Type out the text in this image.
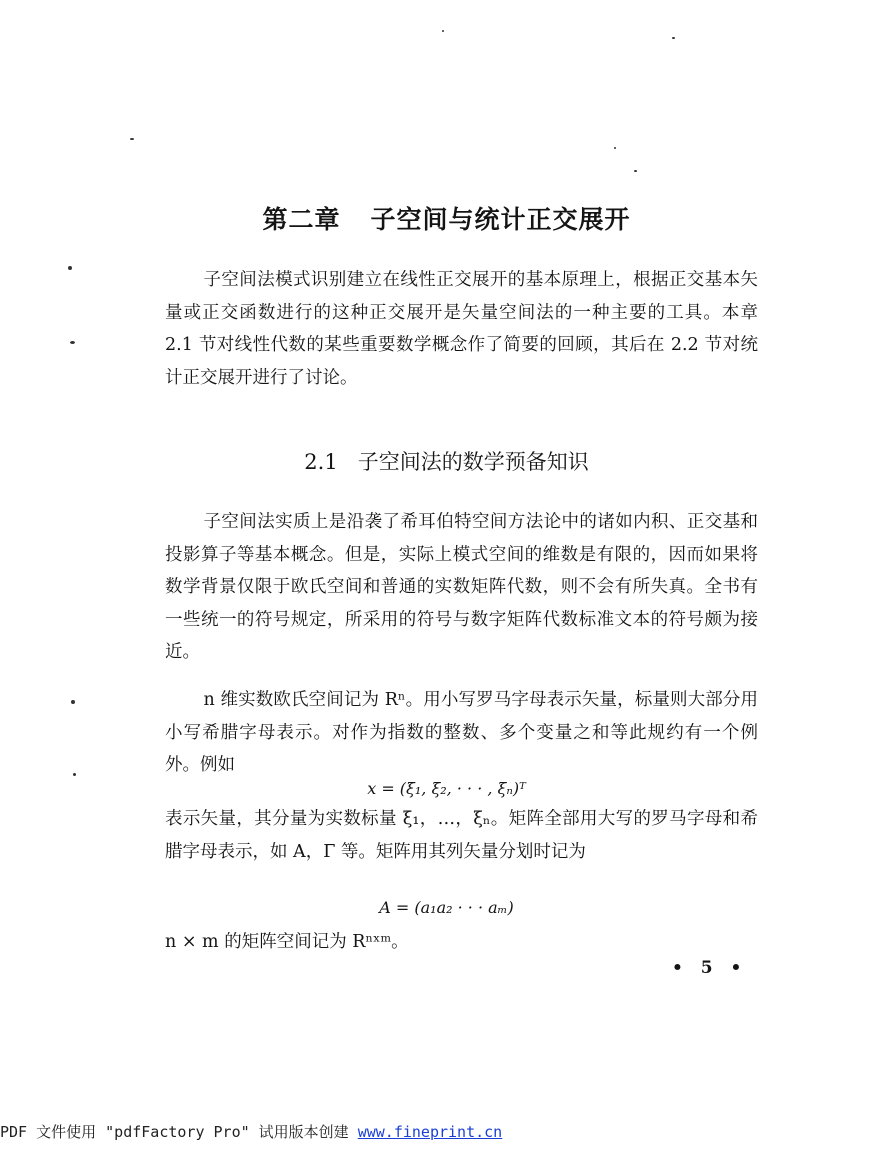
第二章 子空间与统计正交展开

子空间法模式识别建立在线性正交展开的基本原理上，根据正交基本矢量或正交函数进行的这种正交展开是矢量空间法的一种主要的工具。本章 2.1 节对线性代数的某些重要数学概念作了简要的回顾，其后在 2.2 节对统计正交展开进行了讨论。

2.1 子空间法的数学预备知识

子空间法实质上是沿袭了希耳伯特空间方法论中的诸如内积、正交基和投影算子等基本概念。但是，实际上模式空间的维数是有限的，因而如果将数学背景仅限于欧氏空间和普通的实数矩阵代数，则不会有所失真。全书有一些统一的符号规定，所采用的符号与数字矩阵代数标准文本的符号颇为接近。

n 维实数欧氏空间记为 Rⁿ。用小写罗马字母表示矢量，标量则大部分用小写希腊字母表示。对作为指数的整数、多个变量之和等此规约有一个例外。例如

x = (ξ₁, ξ₂, · · · , ξₙ)ᵀ

表示矢量，其分量为实数标量 ξ₁，…，ξₙ。矩阵全部用大写的罗马字母和希腊字母表示，如 A，Γ 等。矩阵用其列矢量分划时记为

A = (a₁a₂ · · · aₘ)
n × m 的矩阵空间记为 Rⁿˣᵐ。
• 5 •
PDF 文件使用 "pdfFactory Pro" 试用版本创建 www.fineprint.cn
